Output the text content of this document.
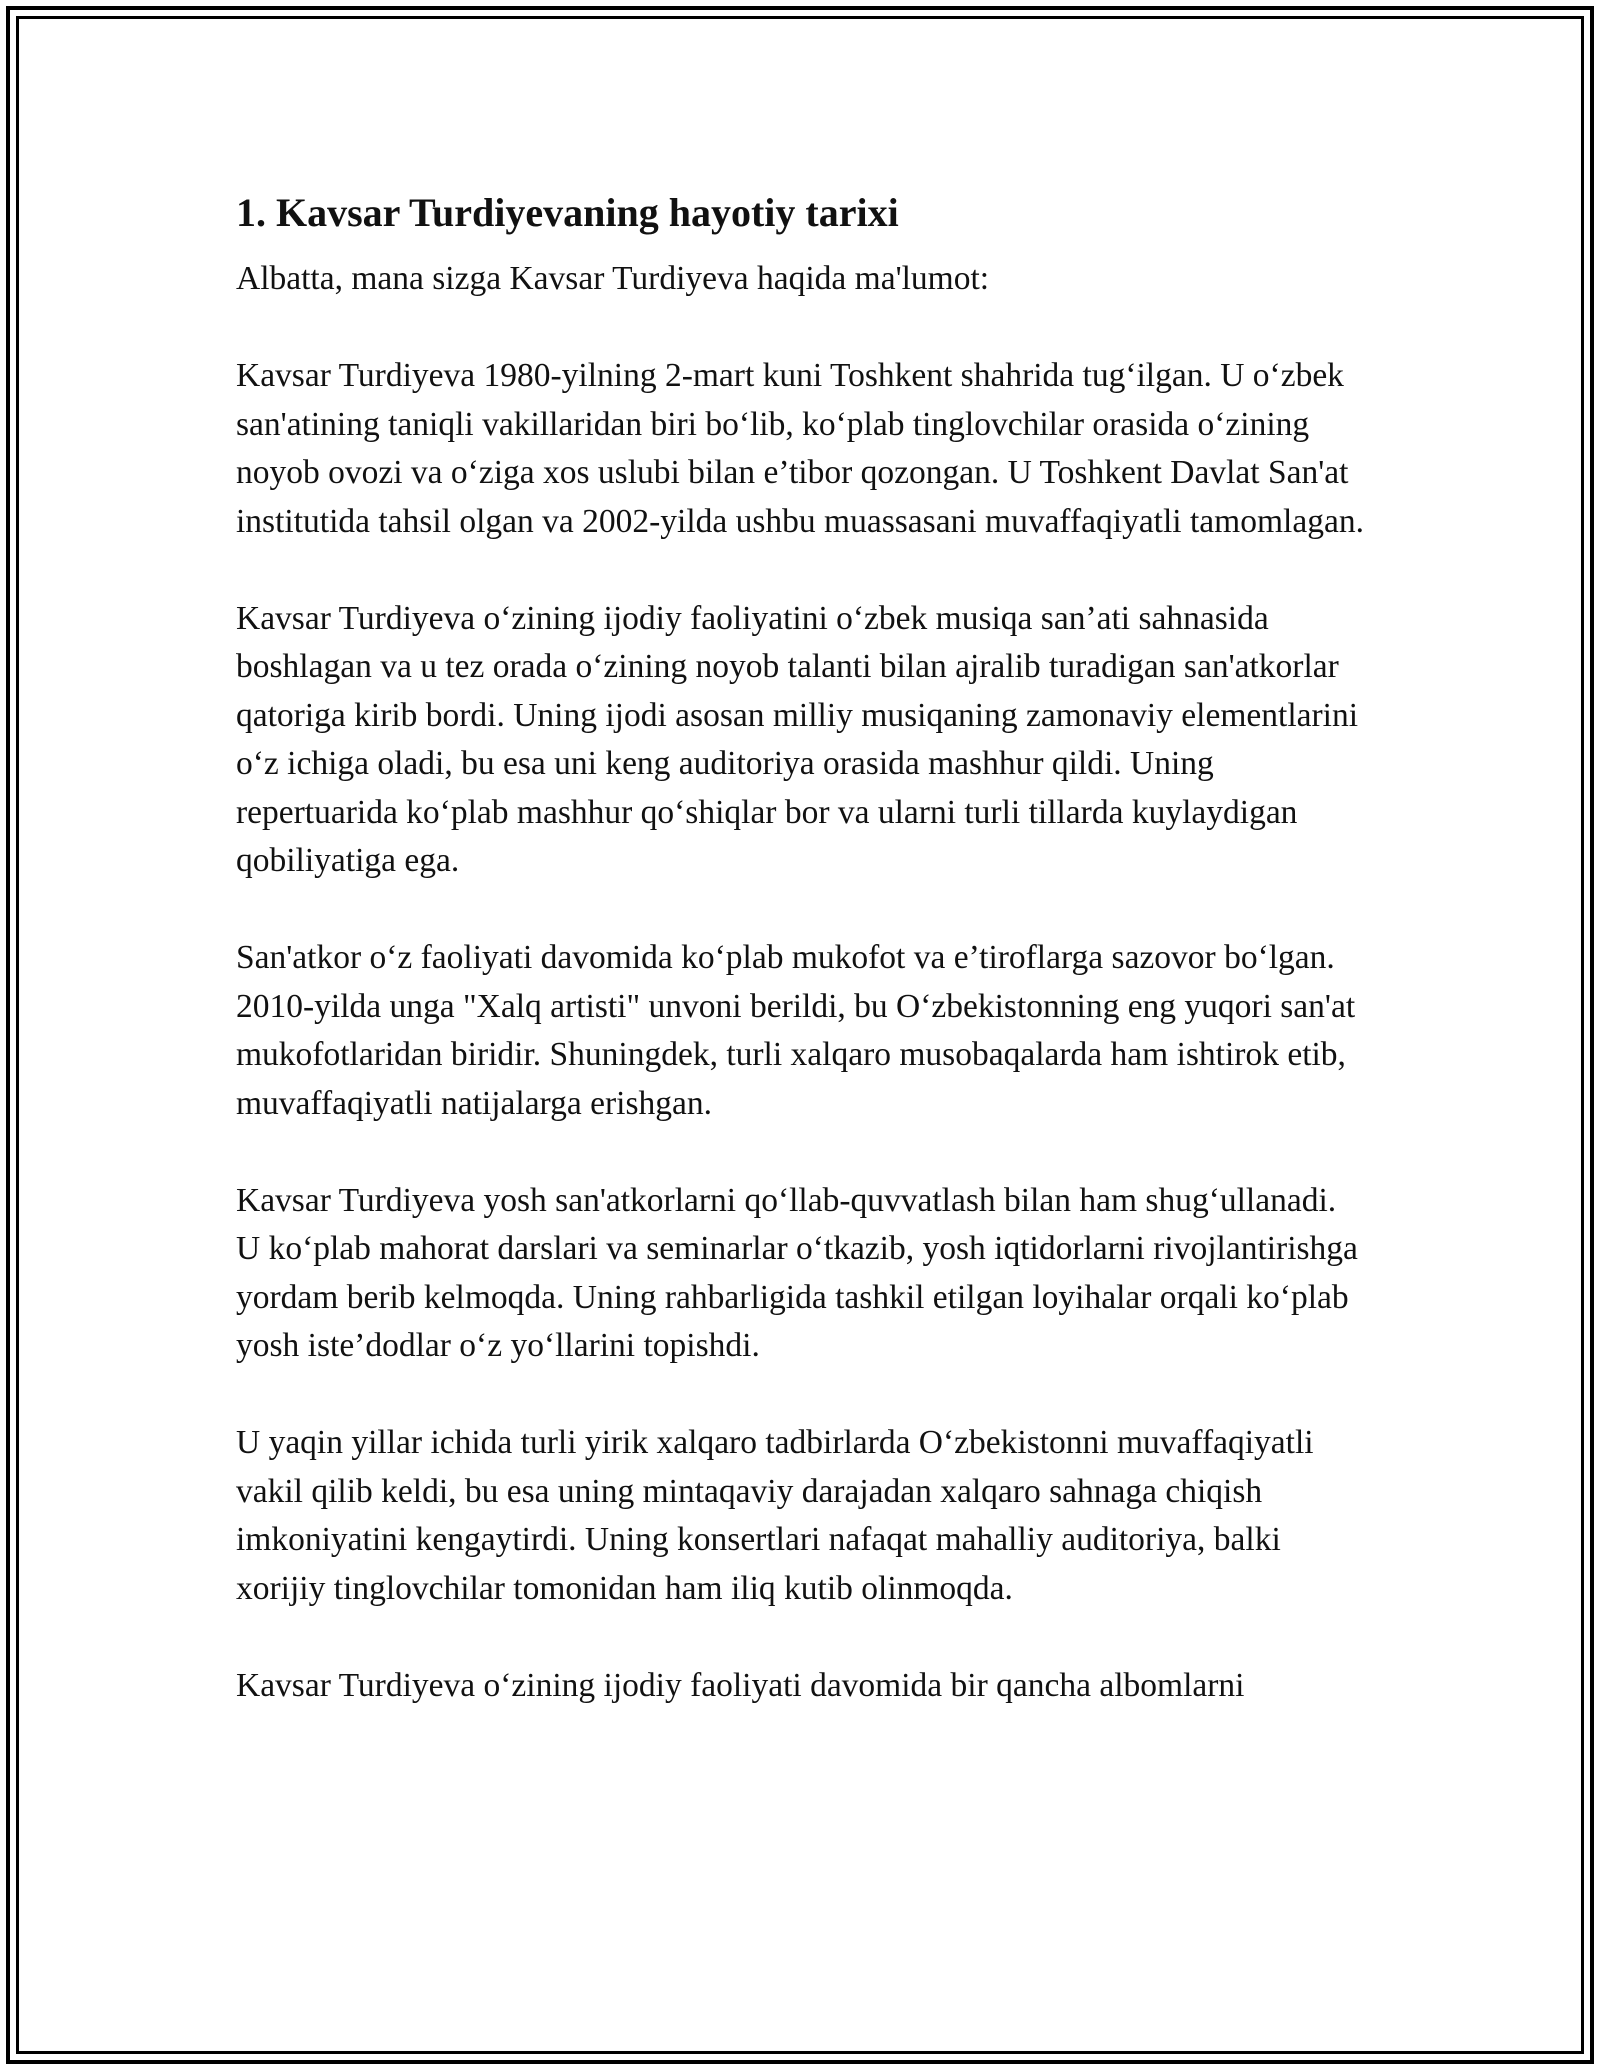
1. Kavsar Turdiyevaning hayotiy tarixi

Albatta, mana sizga Kavsar Turdiyeva haqida ma'lumot:

Kavsar Turdiyeva 1980-yilning 2-mart kuni Toshkent shahrida tug‘ilgan. U o‘zbek san'atining taniqli vakillaridan biri bo‘lib, ko‘plab tinglovchilar orasida o‘zining noyob ovozi va o‘ziga xos uslubi bilan e’tibor qozongan. U Toshkent Davlat San'at institutida tahsil olgan va 2002-yilda ushbu muassasani muvaffaqiyatli tamomlagan.

Kavsar Turdiyeva o‘zining ijodiy faoliyatini o‘zbek musiqa san’ati sahnasida boshlagan va u tez orada o‘zining noyob talanti bilan ajralib turadigan san'atkorlar qatoriga kirib bordi. Uning ijodi asosan milliy musiqaning zamonaviy elementlarini o‘z ichiga oladi, bu esa uni keng auditoriya orasida mashhur qildi. Uning repertuarida ko‘plab mashhur qo‘shiqlar bor va ularni turli tillarda kuylaydigan qobiliyatiga ega.

San'atkor o‘z faoliyati davomida ko‘plab mukofot va e’tiroflarga sazovor bo‘lgan. 2010-yilda unga "Xalq artisti" unvoni berildi, bu O‘zbekistonning eng yuqori san'at mukofotlaridan biridir. Shuningdek, turli xalqaro musobaqalarda ham ishtirok etib, muvaffaqiyatli natijalarga erishgan.

Kavsar Turdiyeva yosh san'atkorlarni qo‘llab-quvvatlash bilan ham shug‘ullanadi. U ko‘plab mahorat darslari va seminarlar o‘tkazib, yosh iqtidorlarni rivojlantirishga yordam berib kelmoqda. Uning rahbarligida tashkil etilgan loyihalar orqali ko‘plab yosh iste’dodlar o‘z yo‘llarini topishdi.

U yaqin yillar ichida turli yirik xalqaro tadbirlarda O‘zbekistonni muvaffaqiyatli vakil qilib keldi, bu esa uning mintaqaviy darajadan xalqaro sahnaga chiqish imkoniyatini kengaytirdi. Uning konsertlari nafaqat mahalliy auditoriya, balki xorijiy tinglovchilar tomonidan ham iliq kutib olinmoqda.

Kavsar Turdiyeva o‘zining ijodiy faoliyati davomida bir qancha albomlarni
